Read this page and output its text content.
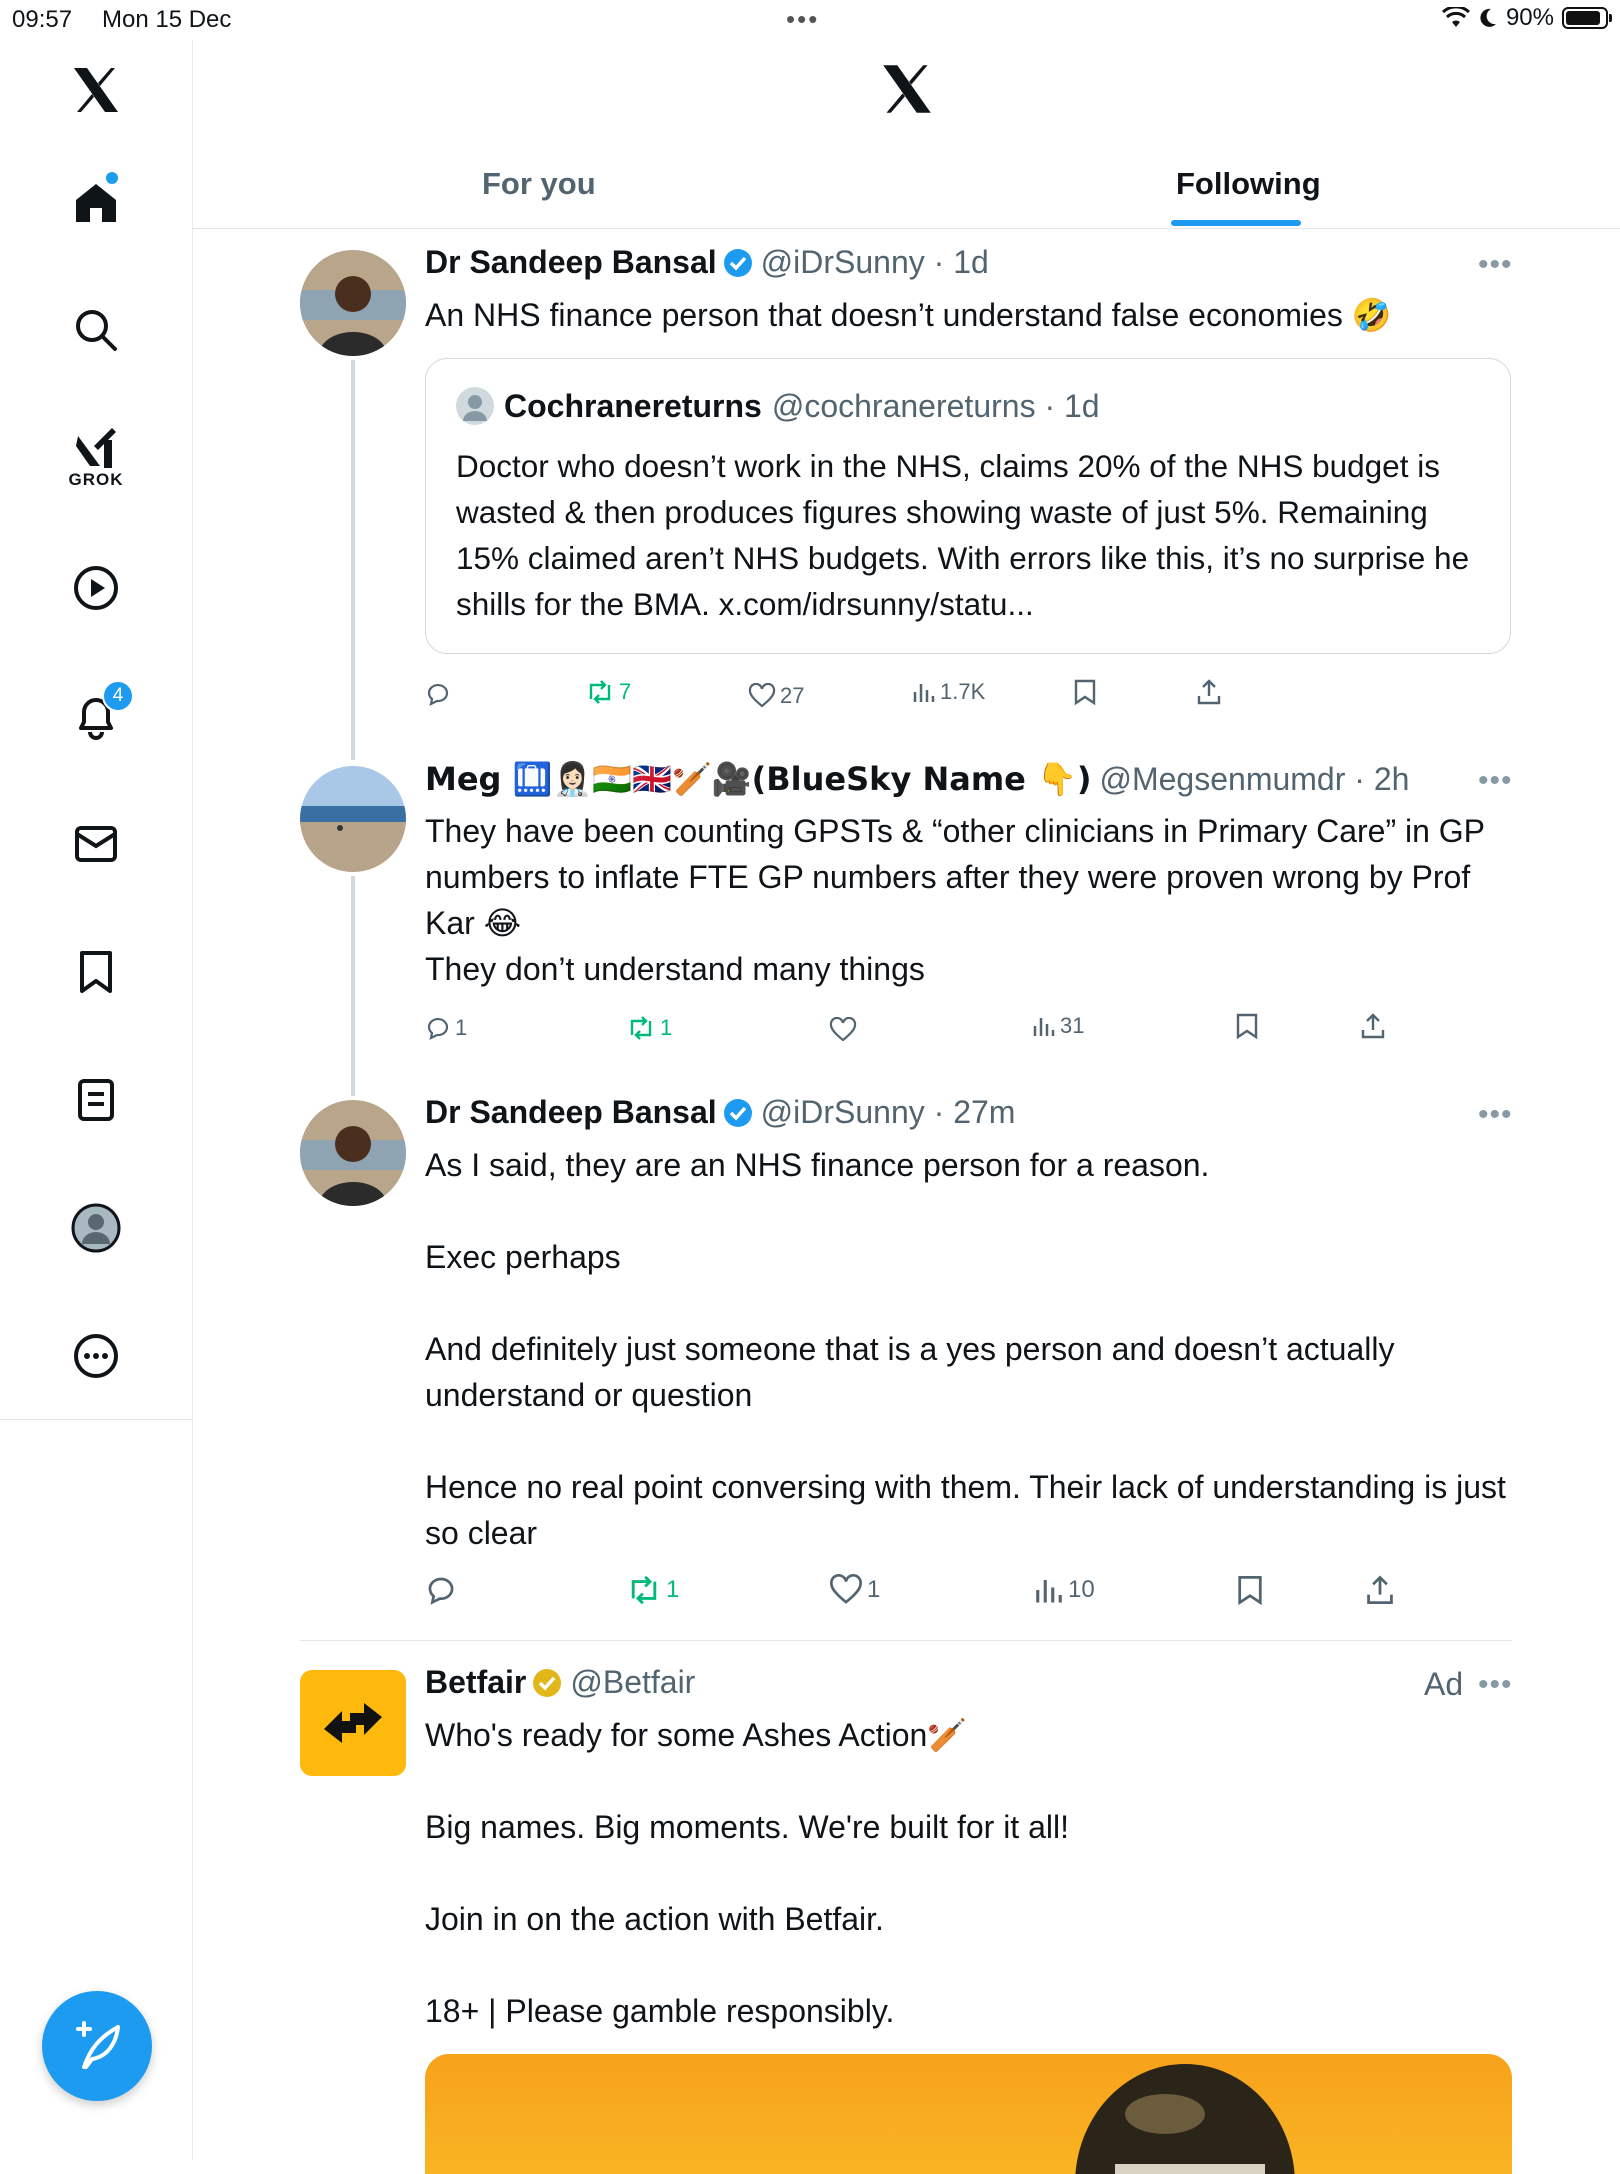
09:57 Mon 15 Dec	•••	90%
GROK
4
For you	Following
Dr Sandeep Bansal @iDrSunny · 1d	•••
An NHS finance person that doesn’t understand false economies 🤣
Cochranereturns @cochranereturns · 1d
Doctor who doesn’t work in the NHS, claims 20% of the NHS budget is wasted & then produces figures showing waste of just 5%. Remaining 15% claimed aren’t NHS budgets. With errors like this, it’s no surprise he shills for the BMA. x.com/idrsunny/statu...
7	27	1.7K
Meg 🛄👩🏻‍⚕️🇮🇳🇬🇧🏏🎥(BlueSky Name 👇) @Megsenmumdr · 2h •••
They have been counting GPSTs & “other clinicians in Primary Care” in GP numbers to inflate FTE GP numbers after they were proven wrong by Prof Kar 😂
They don’t understand many things
1	1	31
Dr Sandeep Bansal @iDrSunny · 27m	•••
As I said, they are an NHS finance person for a reason.

Exec perhaps

And definitely just someone that is a yes person and doesn’t actually understand or question

Hence no real point conversing with them. Their lack of understanding is just so clear
1	1	10
Betfair @Betfair	Ad •••
Who's ready for some Ashes Action🏏

Big names. Big moments. We're built for it all!

Join in on the action with Betfair.

18+ | Please gamble responsibly.
